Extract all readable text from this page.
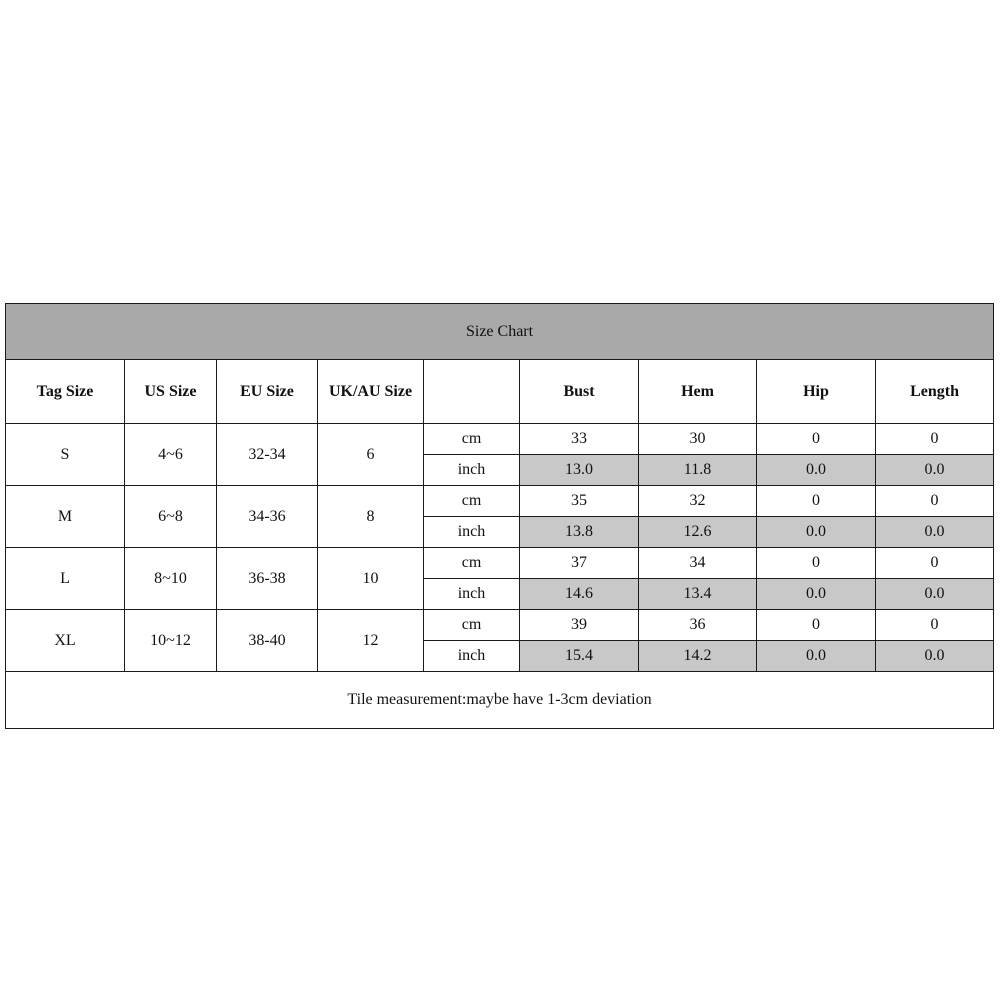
Size Chart								
Tag Size	US Size	EU Size	UK/AU Size		Bust	Hem	Hip	Length
S	4~6	32-34	6	cm	33	30	0	0
				inch	13.0	11.8	0.0	0.0
M	6~8	34-36	8	cm	35	32	0	0
				inch	13.8	12.6	0.0	0.0
L	8~10	36-38	10	cm	37	34	0	0
				inch	14.6	13.4	0.0	0.0
XL	10~12	38-40	12	cm	39	36	0	0
				inch	15.4	14.2	0.0	0.0
Tile measurement:maybe have 1-3cm deviation								
